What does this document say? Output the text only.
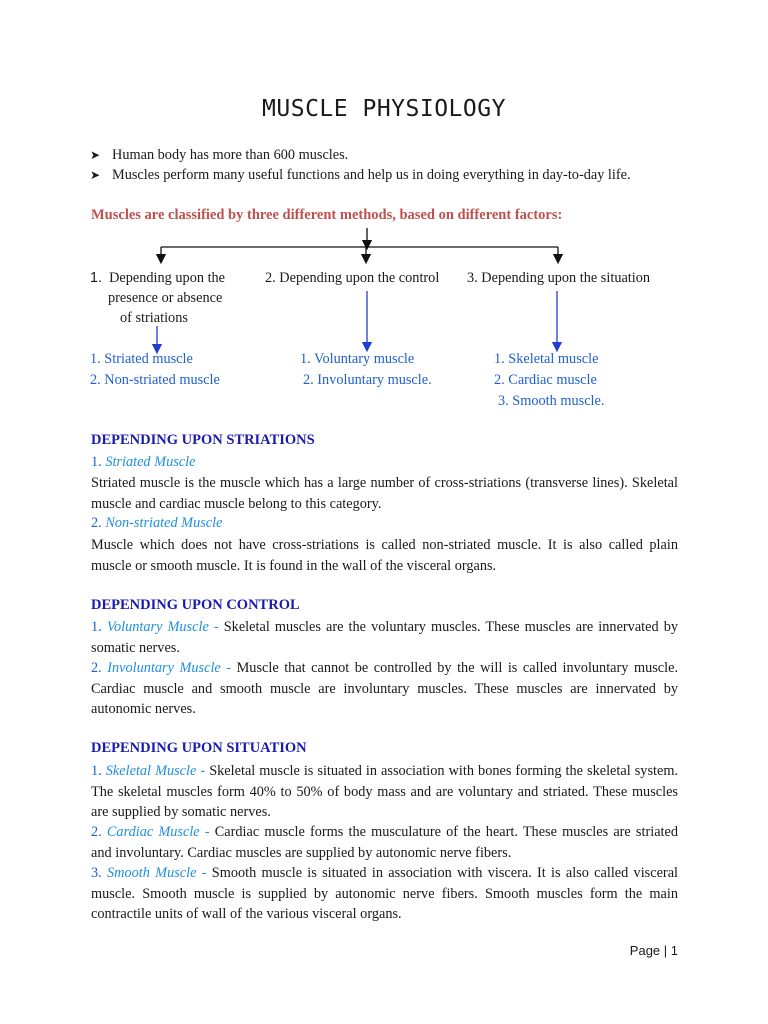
MUSCLE PHYSIOLOGY
➤ Human body has more than 600 muscles.
➤ Muscles perform many useful functions and help us in doing everything in day-to-day life.
Muscles are classified by three different methods, based on different factors:
1. Depending upon the
presence or absence
of striations
2. Depending upon the control 3. Depending upon the situation
1. Striated muscle
2. Non-striated muscle
1. Voluntary muscle
2. Involuntary muscle.
1. Skeletal muscle
2. Cardiac muscle
3. Smooth muscle.
DEPENDING UPON STRIATIONS
1. Striated Muscle
Striated muscle is the muscle which has a large number of cross-striations (transverse lines). Skeletal muscle and cardiac muscle belong to this category.
2. Non-striated Muscle
Muscle which does not have cross-striations is called non-striated muscle. It is also called plain muscle or smooth muscle. It is found in the wall of the visceral organs.
DEPENDING UPON CONTROL
1. Voluntary Muscle - Skeletal muscles are the voluntary muscles. These muscles are innervated by somatic nerves.
2. Involuntary Muscle - Muscle that cannot be controlled by the will is called involuntary muscle. Cardiac muscle and smooth muscle are involuntary muscles. These muscles are innervated by autonomic nerves.
DEPENDING UPON SITUATION
1. Skeletal Muscle - Skeletal muscle is situated in association with bones forming the skeletal system. The skeletal muscles form 40% to 50% of body mass and are voluntary and striated. These muscles are supplied by somatic nerves.
2. Cardiac Muscle - Cardiac muscle forms the musculature of the heart. These muscles are striated and involuntary. Cardiac muscles are supplied by autonomic nerve fibers.
3. Smooth Muscle - Smooth muscle is situated in association with viscera. It is also called visceral muscle. Smooth muscle is supplied by autonomic nerve fibers. Smooth muscles form the main contractile units of wall of the various visceral organs.
Page | 1
